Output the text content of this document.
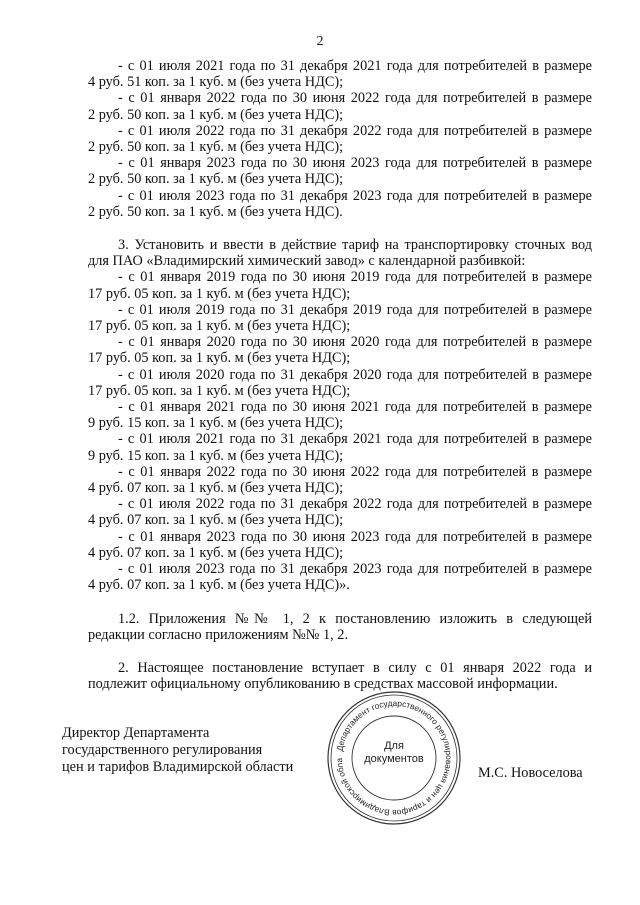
2
- с 01 июля 2021 года по 31 декабря 2021 года для потребителей в размере
4 руб. 51 коп. за 1 куб. м (без учета НДС);
- с 01 января 2022 года по 30 июня 2022 года для потребителей в размере
2 руб. 50 коп. за 1 куб. м (без учета НДС);
- с 01 июля 2022 года по 31 декабря 2022 года для потребителей в размере
2 руб. 50 коп. за 1 куб. м (без учета НДС);
- с 01 января 2023 года по 30 июня 2023 года для потребителей в размере
2 руб. 50 коп. за 1 куб. м (без учета НДС);
- с 01 июля 2023 года по 31 декабря 2023 года для потребителей в размере
2 руб. 50 коп. за 1 куб. м (без учета НДС).
3. Установить и ввести в действие тариф на транспортировку сточных вод
для ПАО «Владимирский химический завод» с календарной разбивкой:
- с 01 января 2019 года по 30 июня 2019 года для потребителей в размере
17 руб. 05 коп. за 1 куб. м (без учета НДС);
- с 01 июля 2019 года по 31 декабря 2019 года для потребителей в размере
17 руб. 05 коп. за 1 куб. м (без учета НДС);
- с 01 января 2020 года по 30 июня 2020 года для потребителей в размере
17 руб. 05 коп. за 1 куб. м (без учета НДС);
- с 01 июля 2020 года по 31 декабря 2020 года для потребителей в размере
17 руб. 05 коп. за 1 куб. м (без учета НДС);
- с 01 января 2021 года по 30 июня 2021 года для потребителей в размере
9 руб. 15 коп. за 1 куб. м (без учета НДС);
- с 01 июля 2021 года по 31 декабря 2021 года для потребителей в размере
9 руб. 15 коп. за 1 куб. м (без учета НДС);
- с 01 января 2022 года по 30 июня 2022 года для потребителей в размере
4 руб. 07 коп. за 1 куб. м (без учета НДС);
- с 01 июля 2022 года по 31 декабря 2022 года для потребителей в размере
4 руб. 07 коп. за 1 куб. м (без учета НДС);
- с 01 января 2023 года по 30 июня 2023 года для потребителей в размере
4 руб. 07 коп. за 1 куб. м (без учета НДС);
- с 01 июля 2023 года по 31 декабря 2023 года для потребителей в размере
4 руб. 07 коп. за 1 куб. м (без учета НДС)».
1.2. Приложения №№ 1, 2 к постановлению изложить в следующей
редакции согласно приложениям №№ 1, 2.
2. Настоящее постановление вступает в силу с 01 января 2022 года и
подлежит официальному опубликованию в средствах массовой информации.
Директор Департамента
государственного регулирования
цен и тарифов Владимирской области
Департамент государственного регулирования цен и тарифов Владимирской обла
Для
документов
М.С. Новоселова
